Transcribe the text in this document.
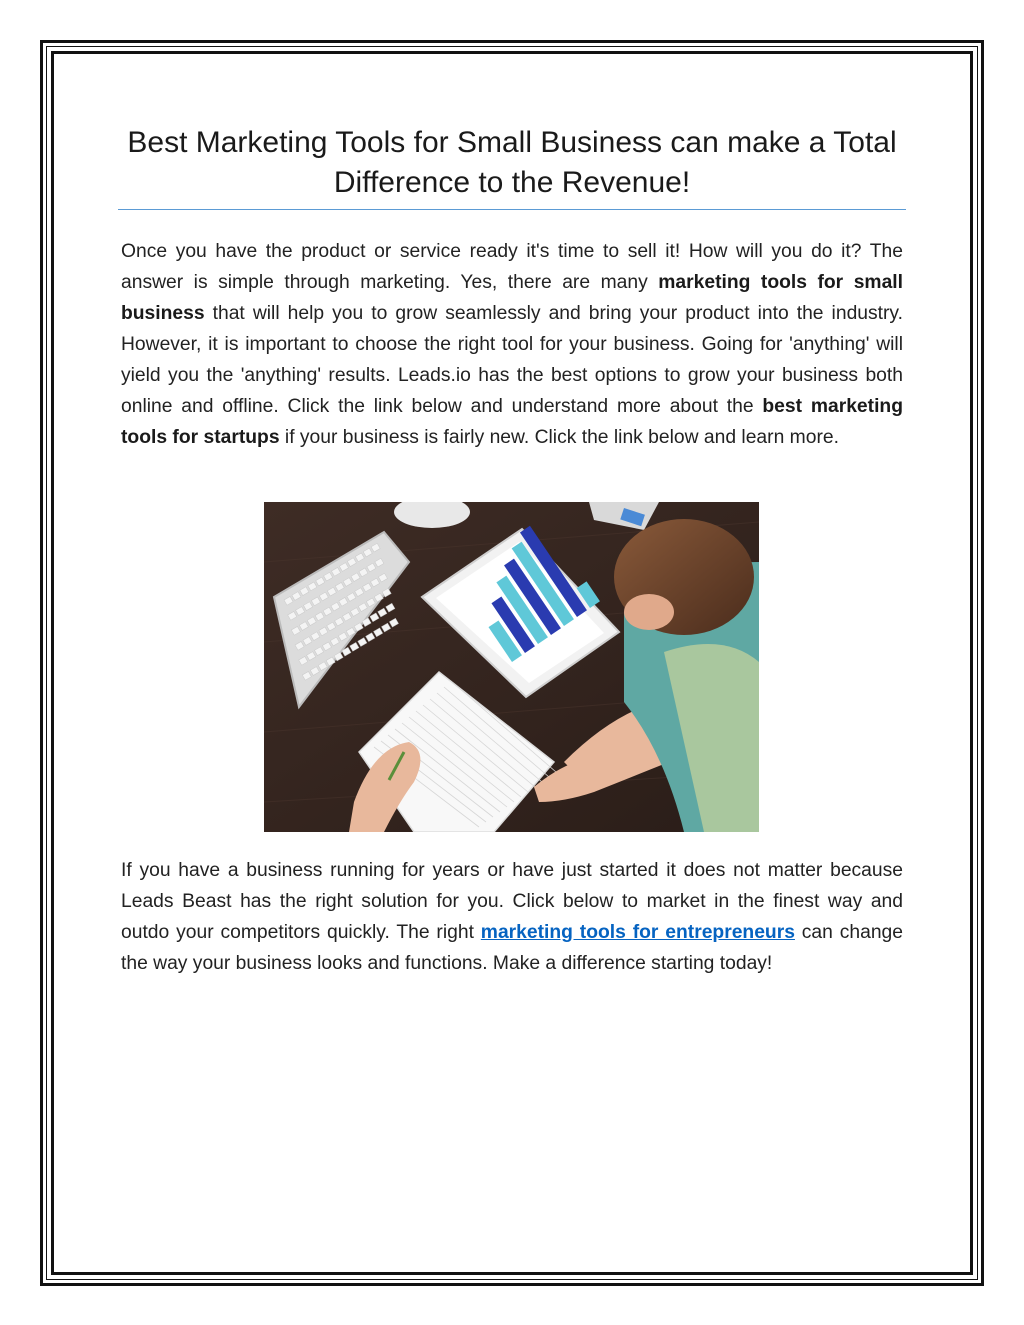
Best Marketing Tools for Small Business can make a Total Difference to the Revenue!

Once you have the product or service ready it's time to sell it! How will you do it? The answer is simple through marketing. Yes, there are many marketing tools for small business that will help you to grow seamlessly and bring your product into the industry. However, it is important to choose the right tool for your business. Going for 'anything' will yield you the 'anything' results. Leads.io has the best options to grow your business both online and offline. Click the link below and understand more about the best marketing tools for startups if your business is fairly new. Click the link below and learn more.

If you have a business running for years or have just started it does not matter because Leads Beast has the right solution for you. Click below to market in the finest way and outdo your competitors quickly. The right marketing tools for entrepreneurs can change the way your business looks and functions. Make a difference starting today!
